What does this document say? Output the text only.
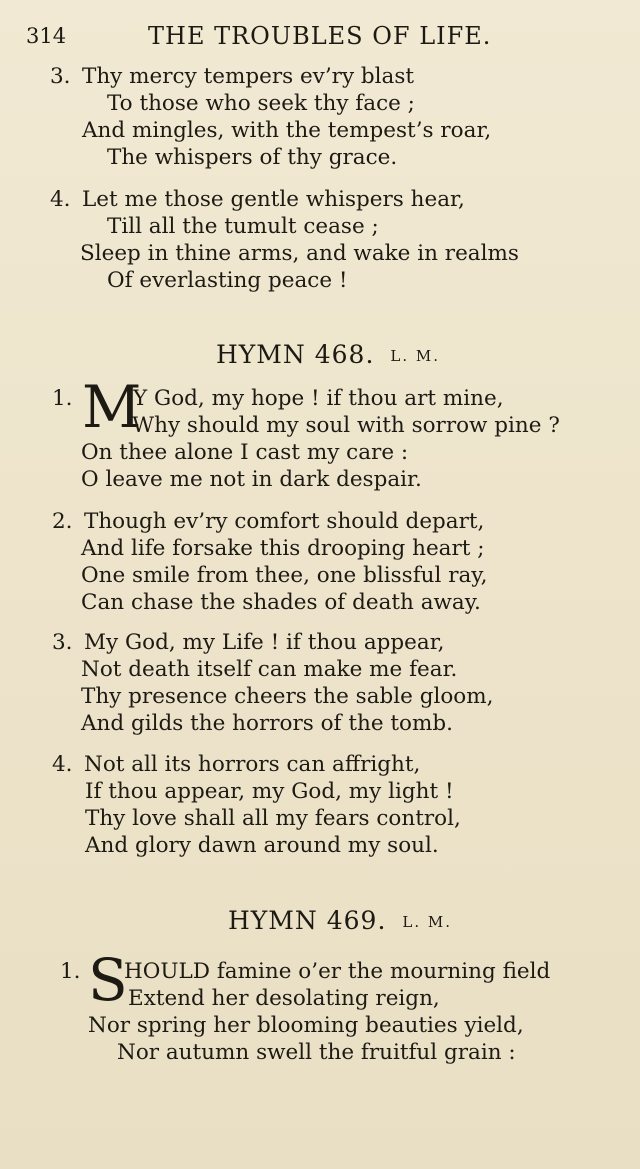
314	THE TROUBLES OF LIFE.
3. Thy mercy tempers ev’ry blast
To those who seek thy face ;
And mingles, with the tempest’s roar,
The whispers of thy grace.
4. Let me those gentle whispers hear,
Till all the tumult cease ;
Sleep in thine arms, and wake in realms
Of everlasting peace !
HYMN 468. L. M.
1. M
Y God, my hope ! if thou art mine,
Why should my soul with sorrow pine ?
On thee alone I cast my care :
O leave me not in dark despair.
2. Though ev’ry comfort should depart,
And life forsake this drooping heart ;
One smile from thee, one blissful ray,
Can chase the shades of death away.
3. My God, my Life ! if thou appear,
Not death itself can make me fear.
Thy presence cheers the sable gloom,
And gilds the horrors of the tomb.
4. Not all its horrors can affright,
If thou appear, my God, my light !
Thy love shall all my fears control,
And glory dawn around my soul.
HYMN 469. L. M.
1. S
HOULD famine o’er the mourning field
Extend her desolating reign,
Nor spring her blooming beauties yield,
Nor autumn swell the fruitful grain :
